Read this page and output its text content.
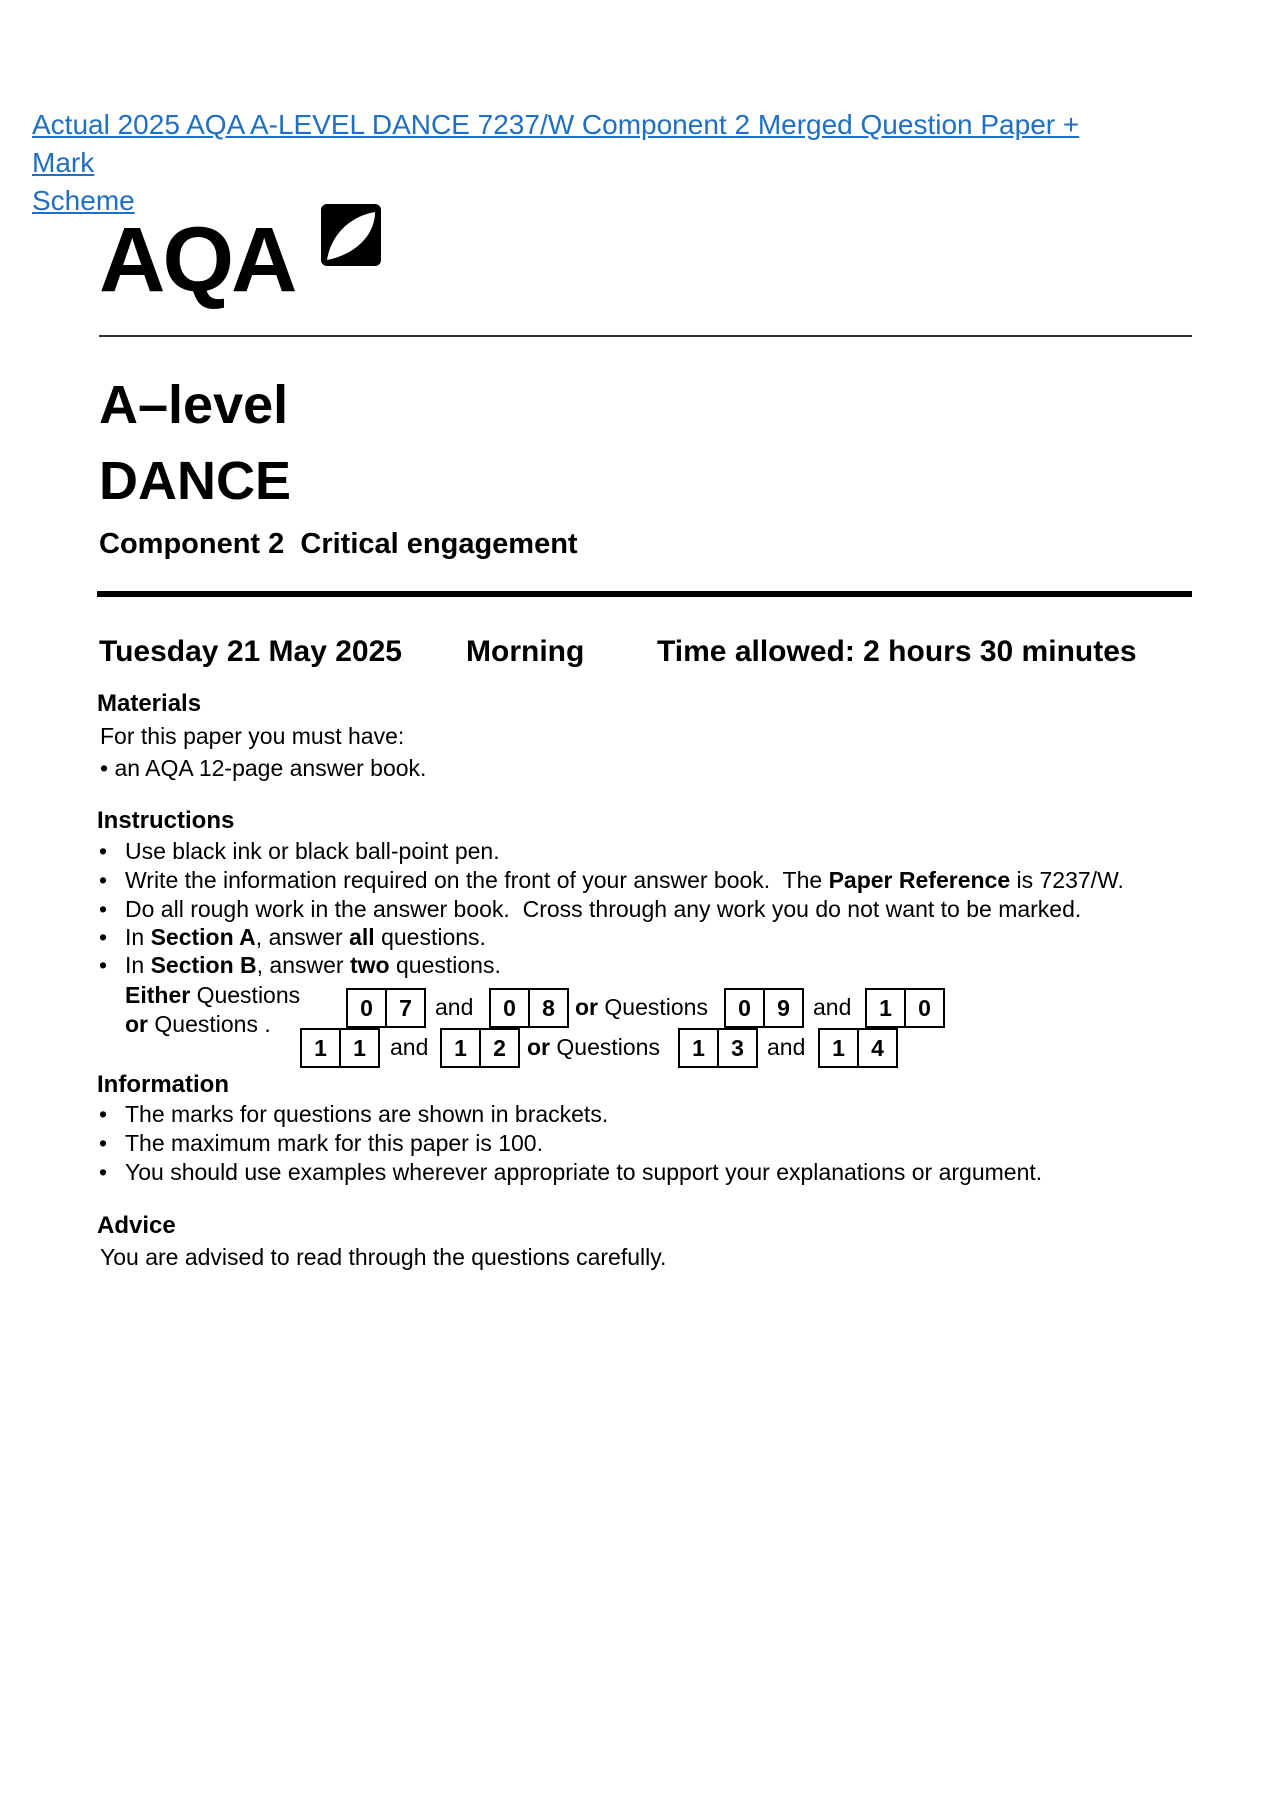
Actual 2025 AQA A-LEVEL DANCE 7237/W Component 2 Merged Question Paper +
Mark
Scheme
AQA
A–level
DANCE
Component 2  Critical engagement
Tuesday 21 May 2025 Morning Time allowed: 2 hours 30 minutes
Materials
For this paper you must have:
• an AQA 12-page answer book.
Instructions
• Use black ink or black ball-point pen.
• Write the information required on the front of your answer book.  The Paper Reference is 7237/W.
• Do all rough work in the answer book.  Cross through any work you do not want to be marked.
• In Section A, answer all questions.
• In Section B, answer two questions.
Either Questions
or Questions .
0	7	and	0	8 or Questions	0	9	and	1	0
1	1	and	1	2 or Questions	1	3	and	1	4
Information
• The marks for questions are shown in brackets.
• The maximum mark for this paper is 100.
• You should use examples wherever appropriate to support your explanations or argument.
Advice
You are advised to read through the questions carefully.
